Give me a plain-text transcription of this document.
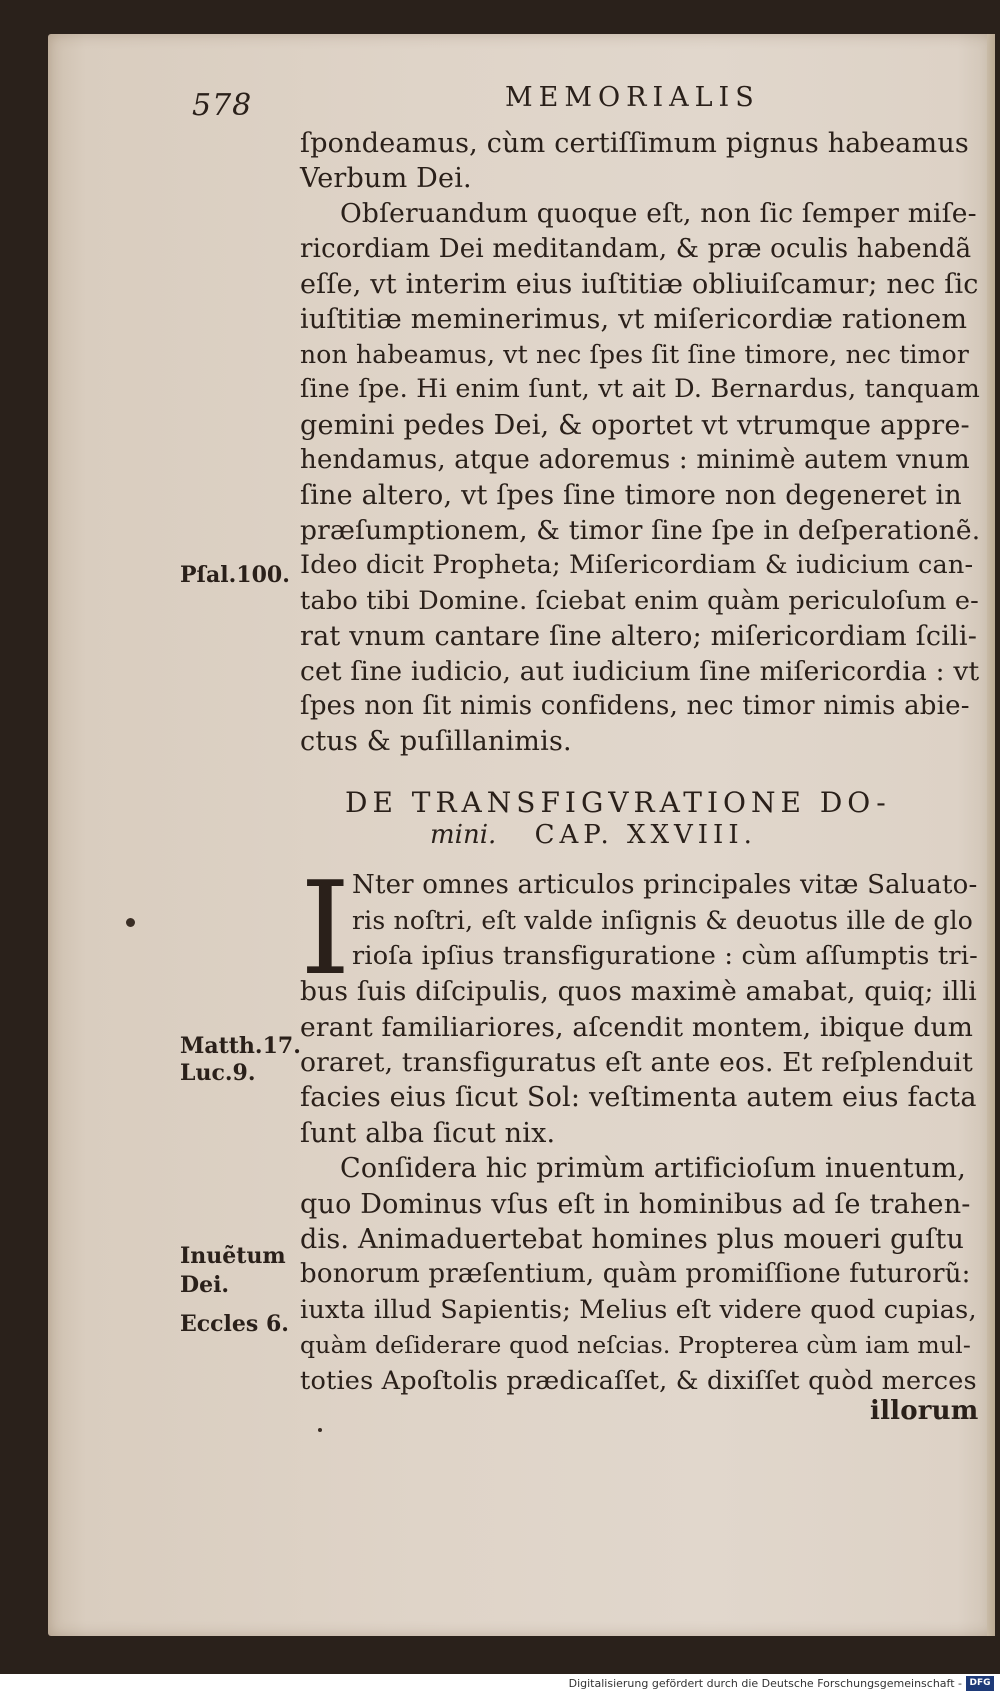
578	MEMORIALIS
ſpondeamus, cùm certiſſimum pignus habeamus
Verbum Dei.
Obſeruandum quoque eſt, non ſic ſemper miſe-
ricordiam Dei meditandam, & præ oculis habendã
eſſe, vt interim eius iuſtitiæ obliuiſcamur; nec ſic
iuſtitiæ meminerimus, vt miſericordiæ rationem
non habeamus, vt nec ſpes ſit ſine timore, nec timor
ſine ſpe. Hi enim ſunt, vt ait D. Bernardus, tanquam
gemini pedes Dei, & oportet vt vtrumque appre-
hendamus, atque adoremus : minimè autem vnum
ſine altero, vt ſpes ſine timore non degeneret in
præſumptionem, & timor ſine ſpe in deſperationẽ.
Ideo dicit Propheta; Miſericordiam & iudicium can-
tabo tibi Domine. ſciebat enim quàm periculoſum e-
rat vnum cantare ſine altero; miſericordiam ſcili-
cet ſine iudicio, aut iudicium ſine miſericordia : vt
ſpes non ſit nimis confidens, nec timor nimis abie-
ctus & puſillanimis.
Pſal.100.
Matth.17.
Luc.9.
Inuẽtum
Dei.
Eccles 6.
DE TRANSFIGVRATIONE DO-
mini. CAP. XXVIII.
I Nter omnes articulos principales vitæ Saluato-
ris noſtri, eſt valde inſignis & deuotus ille de glo
rioſa ipſius transfiguratione : cùm aſſumptis tri-
bus ſuis diſcipulis, quos maximè amabat, quiq; illi
erant familiariores, aſcendit montem, ibique dum
oraret, transfiguratus eſt ante eos. Et reſplenduit
facies eius ſicut Sol: veſtimenta autem eius facta
ſunt alba ſicut nix.
Conſidera hic primùm artificioſum inuentum,
quo Dominus vſus eſt in hominibus ad ſe trahen-
dis. Animaduertebat homines plus moueri guſtu
bonorum præſentium, quàm promiſſione futurorũ:
iuxta illud Sapientis; Melius eſt videre quod cupias,
quàm deſiderare quod neſcias. Propterea cùm iam mul-
toties Apoſtolis prædicaſſet, & dixiſſet quòd merces
illorum
Digitalisierung gefördert durch die Deutsche Forschungsgemeinschaft - DFG
